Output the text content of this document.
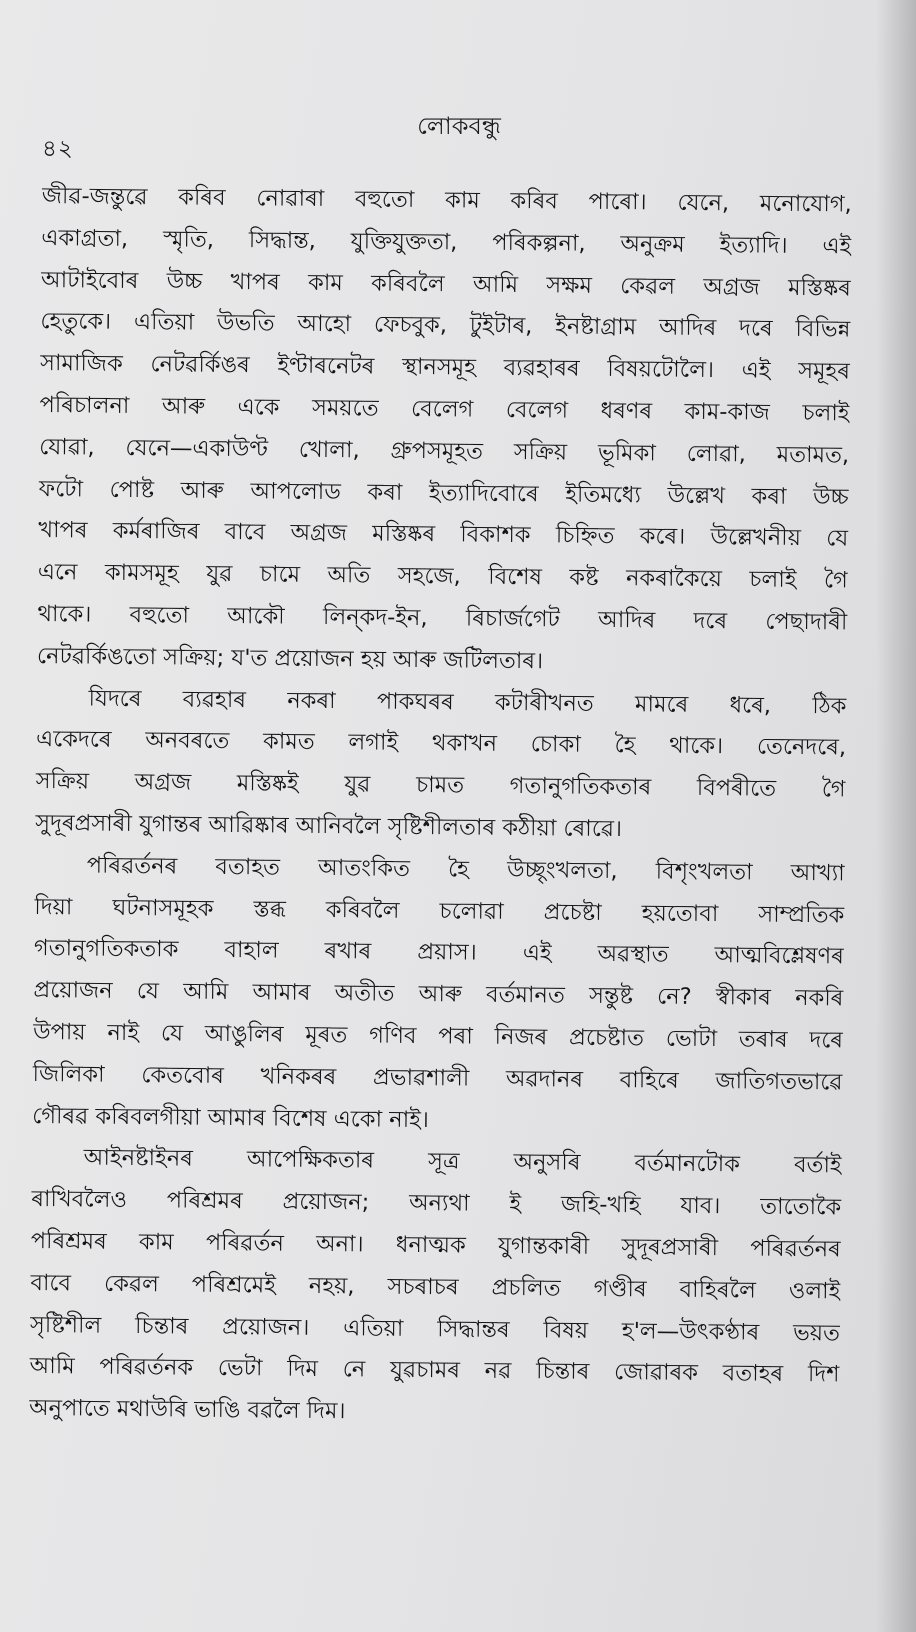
৪২
লোকবন্ধু
জীৱ-জন্তুৱে কৰিব নোৱাৰা বহুতো কাম কৰিব পাৰো। যেনে, মনোযোগ,
একাগ্ৰতা, স্মৃতি, সিদ্ধান্ত, যুক্তিযুক্ততা, পৰিকল্পনা, অনুক্ৰম ইত্যাদি। এই
আটাইবোৰ উচ্চ খাপৰ কাম কৰিবলৈ আমি সক্ষম কেৱল অগ্ৰজ মস্তিষ্কৰ
হেতুকে। এতিয়া উভতি আহো ফেচবুক, টুইটাৰ, ইনষ্টাগ্ৰাম আদিৰ দৰে বিভিন্ন
সামাজিক নেটৱৰ্কিঙৰ ইণ্টাৰনেটৰ স্থানসমূহ ব্যৱহাৰৰ বিষয়টোলৈ। এই সমূহৰ
পৰিচালনা আৰু একে সময়তে বেলেগ বেলেগ ধৰণৰ কাম-কাজ চলাই
যোৱা, যেনে—একাউণ্ট খোলা, গ্ৰুপসমূহত সক্ৰিয় ভূমিকা লোৱা, মতামত,
ফটো পোষ্ট আৰু আপলোড কৰা ইত্যাদিবোৰে ইতিমধ্যে উল্লেখ কৰা উচ্চ
খাপৰ কৰ্মৰাজিৰ বাবে অগ্ৰজ মস্তিষ্কৰ বিকাশক চিহ্নিত কৰে। উল্লেখনীয় যে
এনে কামসমূহ যুৱ চামে অতি সহজে, বিশেষ কষ্ট নকৰাকৈয়ে চলাই গৈ
থাকে। বহুতো আকৌ লিন্‌কদ-ইন, ৰিচাৰ্জগেট আদিৰ দৰে পেছাদাৰী
নেটৱৰ্কিঙতো সক্ৰিয়; য'ত প্ৰয়োজন হয় আৰু জটিলতাৰ।
যিদৰে ব্যৱহাৰ নকৰা পাকঘৰৰ কটাৰীখনত মামৰে ধৰে, ঠিক
একেদৰে অনবৰতে কামত লগাই থকাখন চোকা হৈ থাকে। তেনেদৰে,
সক্ৰিয় অগ্ৰজ মস্তিষ্কই যুৱ চামত গতানুগতিকতাৰ বিপৰীতে গৈ
সুদূৰপ্ৰসাৰী যুগান্তৰ আৱিষ্কাৰ আনিবলৈ সৃষ্টিশীলতাৰ কঠীয়া ৰোৱে।
পৰিৱৰ্তনৰ বতাহত আতংকিত হৈ উচ্ছৃংখলতা, বিশৃংখলতা আখ্যা
দিয়া ঘটনাসমূহক স্তব্ধ কৰিবলৈ চলোৱা প্ৰচেষ্টা হয়তোবা সাম্প্ৰতিক
গতানুগতিকতাক বাহাল ৰখাৰ প্ৰয়াস। এই অৱস্থাত আত্মবিশ্লেষণৰ
প্ৰয়োজন যে আমি আমাৰ অতীত আৰু বৰ্তমানত সন্তুষ্ট নে? স্বীকাৰ নকৰি
উপায় নাই যে আঙুলিৰ মূৰত গণিব পৰা নিজৰ প্ৰচেষ্টাত ভোটা তৰাৰ দৰে
জিলিকা কেতবোৰ খনিকৰৰ প্ৰভাৱশালী অৱদানৰ বাহিৰে জাতিগতভাৱে
গৌৰৱ কৰিবলগীয়া আমাৰ বিশেষ একো নাই।
আইনষ্টাইনৰ আপেক্ষিকতাৰ সূত্ৰ অনুসৰি বৰ্তমানটোক বৰ্তাই
ৰাখিবলৈও পৰিশ্ৰমৰ প্ৰয়োজন; অন্যথা ই জহি-খহি যাব। তাতোকৈ
পৰিশ্ৰমৰ কাম পৰিৱৰ্তন অনা। ধনাত্মক যুগান্তকাৰী সুদূৰপ্ৰসাৰী পৰিৱৰ্তনৰ
বাবে কেৱল পৰিশ্ৰমেই নহয়, সচৰাচৰ প্ৰচলিত গণ্ডীৰ বাহিৰলৈ ওলাই
সৃষ্টিশীল চিন্তাৰ প্ৰয়োজন। এতিয়া সিদ্ধান্তৰ বিষয় হ'ল—উৎকণ্ঠাৰ ভয়ত
আমি পৰিৱৰ্তনক ভেটা দিম নে যুৱচামৰ নৱ চিন্তাৰ জোৱাৰক বতাহৰ দিশ
অনুপাতে মথাউৰি ভাঙি বৱলৈ দিম।
